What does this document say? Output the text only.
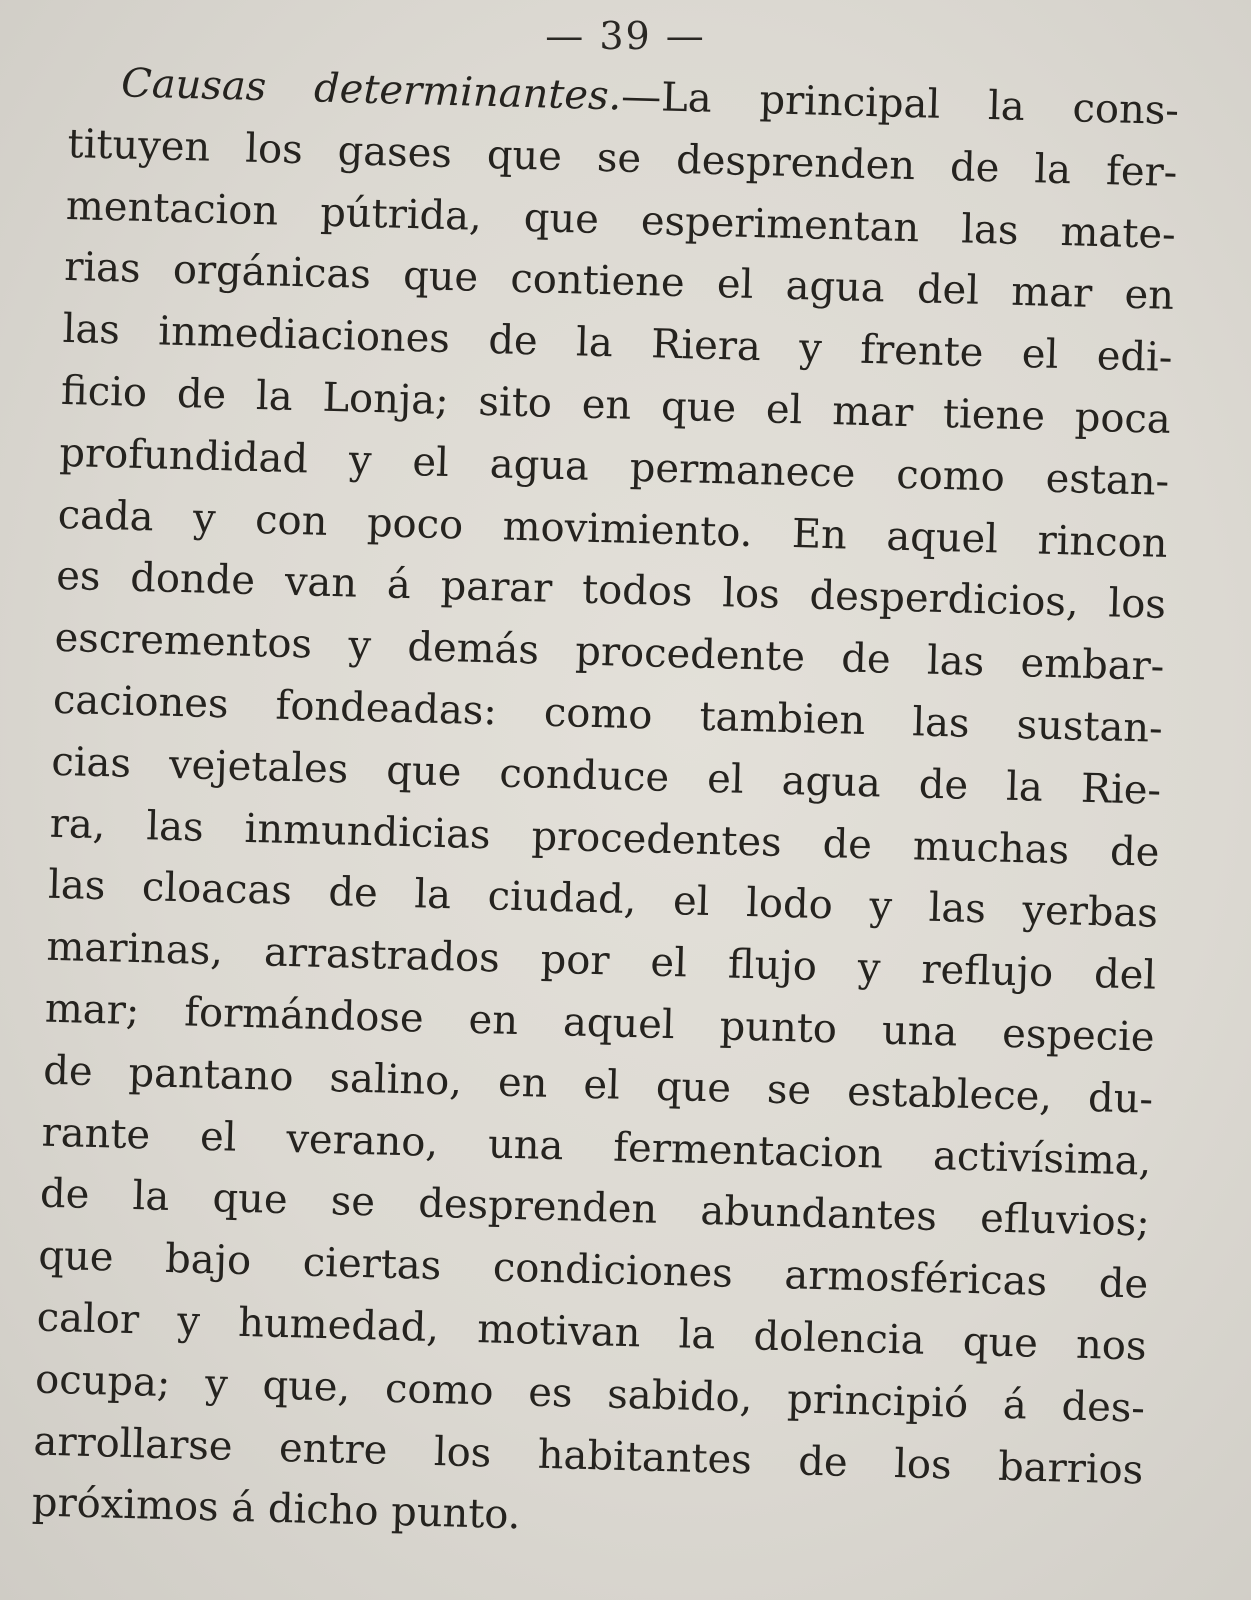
— 39 —
Causas determinantes.—La principal la cons-
tituyen los gases que se desprenden de la fer-
mentacion pútrida, que esperimentan las mate-
rias orgánicas que contiene el agua del mar en
las inmediaciones de la Riera y frente el edi-
ficio de la Lonja; sito en que el mar tiene poca
profundidad y el agua permanece como estan-
cada y con poco movimiento. En aquel rincon
es donde van á parar todos los desperdicios, los
escrementos y demás procedente de las embar-
caciones fondeadas: como tambien las sustan-
cias vejetales que conduce el agua de la Rie-
ra, las inmundicias procedentes de muchas de
las cloacas de la ciudad, el lodo y las yerbas
marinas, arrastrados por el flujo y reflujo del
mar; formándose en aquel punto una especie
de pantano salino, en el que se establece, du-
rante el verano, una fermentacion activísima,
de la que se desprenden abundantes efluvios;
que bajo ciertas condiciones armosféricas de
calor y humedad, motivan la dolencia que nos
ocupa; y que, como es sabido, principió á des-
arrollarse entre los habitantes de los barrios
próximos á dicho punto.
